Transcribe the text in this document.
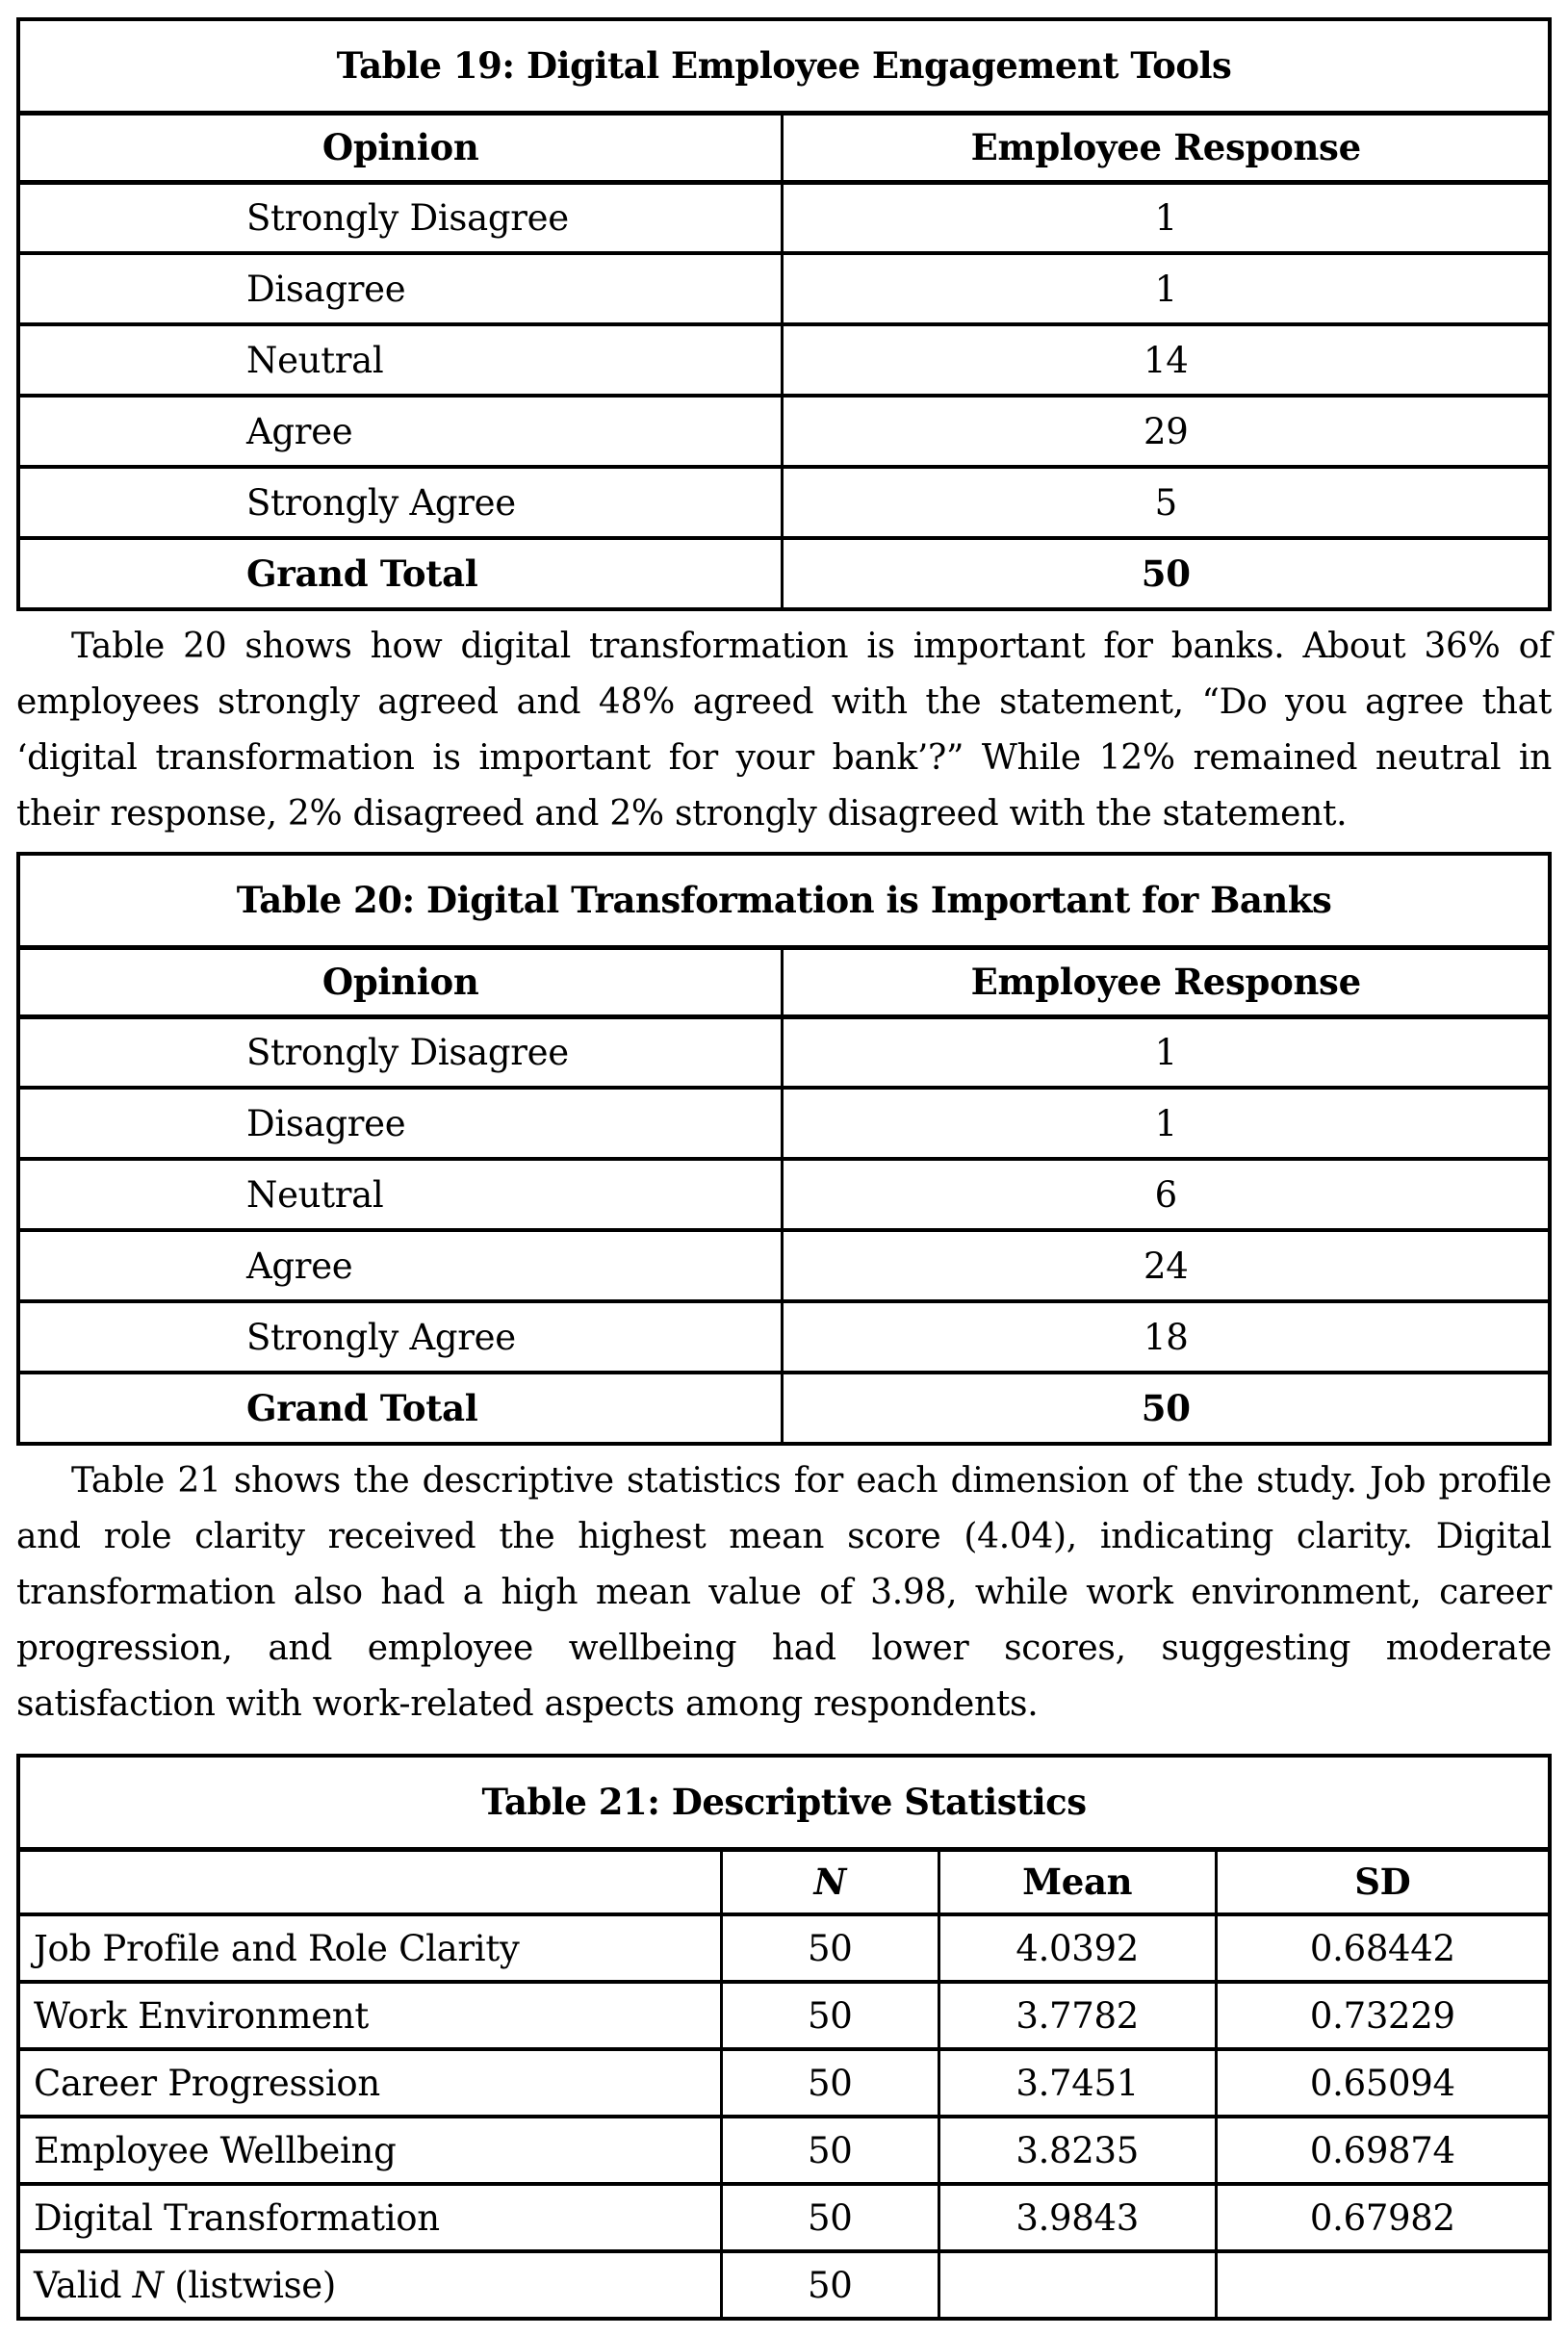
Table 19: Digital Employee Engagement Tools	
Opinion	Employee Response
Strongly Disagree	1
Disagree	1
Neutral	14
Agree	29
Strongly Agree	5
Grand Total	50

Table 20 shows how digital transformation is important for banks. About 36% of employees strongly agreed and 48% agreed with the statement, “Do you agree that ‘digital transformation is important for your bank’?” While 12% remained neutral in their response, 2% disagreed and 2% strongly disagreed with the statement.

Table 20: Digital Transformation is Important for Banks	
Opinion	Employee Response
Strongly Disagree	1
Disagree	1
Neutral	6
Agree	24
Strongly Agree	18
Grand Total	50

Table 21 shows the descriptive statistics for each dimension of the study. Job profile and role clarity received the highest mean score (4.04), indicating clarity. Digital transformation also had a high mean value of 3.98, while work environment, career progression, and employee wellbeing had lower scores, suggesting moderate satisfaction with work-related aspects among respondents.

Table 21: Descriptive Statistics			
	N	Mean	SD
Job Profile and Role Clarity	50	4.0392	0.68442
Work Environment	50	3.7782	0.73229
Career Progression	50	3.7451	0.65094
Employee Wellbeing	50	3.8235	0.69874
Digital Transformation	50	3.9843	0.67982
Valid N (listwise)	50		
